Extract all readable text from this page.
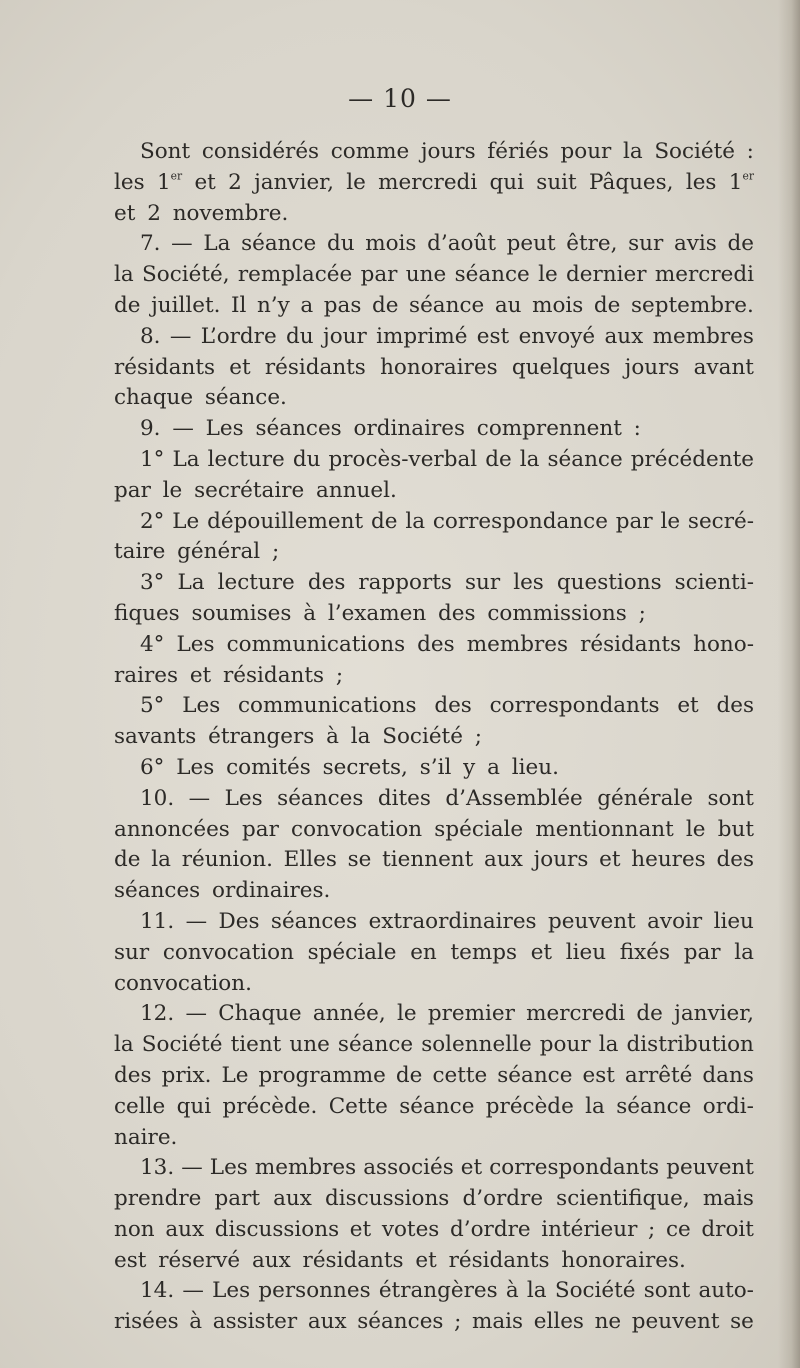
— 10 —
Sont considérés comme jours fériés pour la Société :
les 1er et 2 janvier, le mercredi qui suit Pâques, les 1er
et 2 novembre.
7. — La séance du mois d’août peut être, sur avis de
la Société, remplacée par une séance le dernier mercredi
de juillet. Il n’y a pas de séance au mois de septembre.
8. — L’ordre du jour imprimé est envoyé aux membres
résidants et résidants honoraires quelques jours avant
chaque séance.
9. — Les séances ordinaires comprennent :
1° La lecture du procès-verbal de la séance précédente
par le secrétaire annuel.
2° Le dépouillement de la correspondance par le secré-
taire général ;
3° La lecture des rapports sur les questions scienti-
fiques soumises à l’examen des commissions ;
4° Les communications des membres résidants hono-
raires et résidants ;
5° Les communications des correspondants et des
savants étrangers à la Société ;
6° Les comités secrets, s’il y a lieu.
10. — Les séances dites d’Assemblée générale sont
annoncées par convocation spéciale mentionnant le but
de la réunion. Elles se tiennent aux jours et heures des
séances ordinaires.
11. — Des séances extraordinaires peuvent avoir lieu
sur convocation spéciale en temps et lieu fixés par la
convocation.
12. — Chaque année, le premier mercredi de janvier,
la Société tient une séance solennelle pour la distribution
des prix. Le programme de cette séance est arrêté dans
celle qui précède. Cette séance précède la séance ordi-
naire.
13. — Les membres associés et correspondants peuvent
prendre part aux discussions d’ordre scientifique, mais
non aux discussions et votes d’ordre intérieur ; ce droit
est réservé aux résidants et résidants honoraires.
14. — Les personnes étrangères à la Société sont auto-
risées à assister aux séances ; mais elles ne peuvent se
